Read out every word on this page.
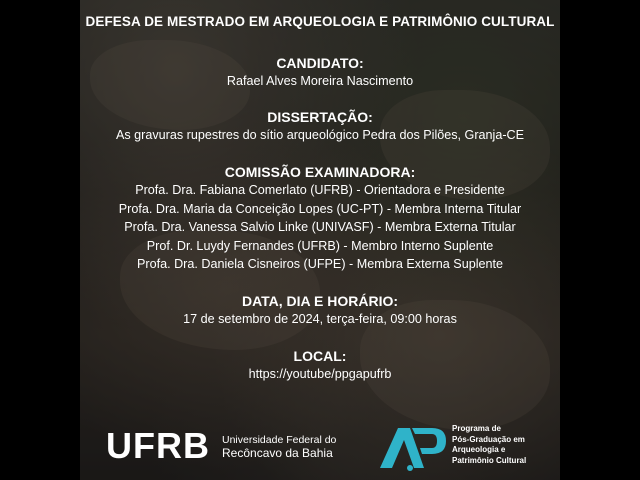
DEFESA DE MESTRADO EM ARQUEOLOGIA E PATRIMÔNIO CULTURAL
CANDIDATO:
Rafael Alves Moreira Nascimento
DISSERTAÇÃO:
As gravuras rupestres do sítio arqueológico Pedra dos Pilões, Granja-CE
COMISSÃO EXAMINADORA:
Profa. Dra. Fabiana Comerlato (UFRB) - Orientadora e Presidente
Profa. Dra. Maria da Conceição Lopes (UC-PT) - Membra Interna Titular
Profa. Dra. Vanessa Salvio Linke (UNIVASF) - Membra Externa Titular
Prof. Dr. Luydy Fernandes (UFRB) - Membro Interno Suplente
Profa. Dra. Daniela Cisneiros (UFPE) - Membra Externa Suplente
DATA, DIA E HORÁRIO:
17 de setembro de 2024, terça-feira, 09:00 horas
LOCAL:
https://youtube/ppgapufrb
UFRB Universidade Federal do
Recôncavo da Bahia
Programa de
Pós-Graduação em
Arqueologia e
Patrimônio Cultural
